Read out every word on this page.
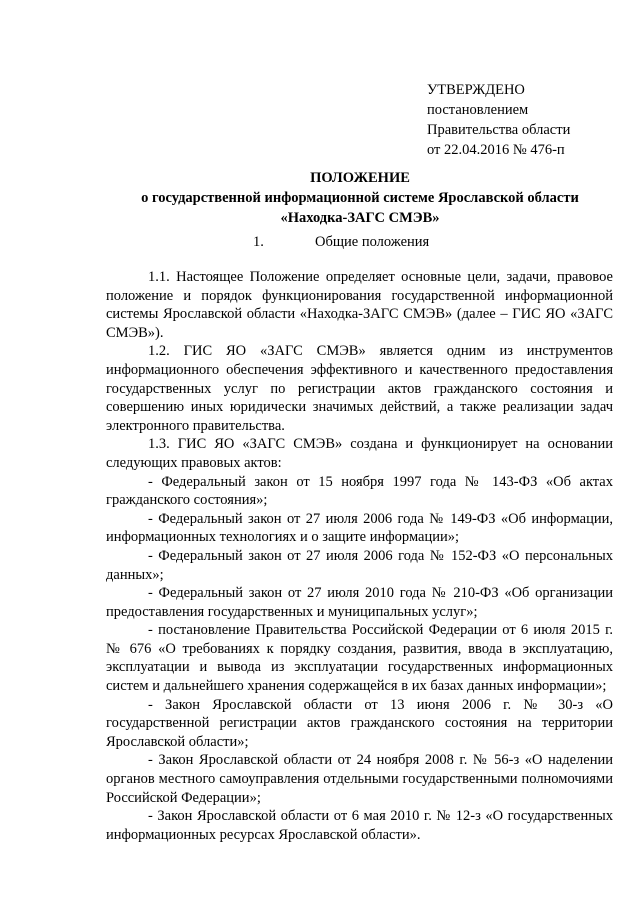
УТВЕРЖДЕНО
постановлением
Правительства области
от 22.04.2016 № 476-п
ПОЛОЖЕНИЕ
о государственной информационной системе Ярославской области
«Находка-ЗАГС СМЭВ»
1.	Общие положения

1.1. Настоящее Положение определяет основные цели, задачи, правовое положение и порядок функционирования государственной информационной системы Ярославской области «Находка-ЗАГС СМЭВ» (далее – ГИС ЯО «ЗАГС СМЭВ»).

1.2. ГИС ЯО «ЗАГС СМЭВ» является одним из инструментов информационного обеспечения эффективного и качественного предоставления государственных услуг по регистрации актов гражданского состояния и совершению иных юридически значимых действий, а также реализации задач электронного правительства.

1.3. ГИС ЯО «ЗАГС СМЭВ» создана и функционирует на основании следующих правовых актов:

- Федеральный закон от 15 ноября 1997 года № 143-ФЗ «Об актах гражданского состояния»;

- Федеральный закон от 27 июля 2006 года № 149-ФЗ «Об информации, информационных технологиях и о защите информации»;

- Федеральный закон от 27 июля 2006 года № 152-ФЗ «О персональных данных»;

- Федеральный закон от 27 июля 2010 года № 210-ФЗ «Об организации предоставления государственных и муниципальных услуг»;

- постановление Правительства Российской Федерации от 6 июля 2015 г. № 676 «О требованиях к порядку создания, развития, ввода в эксплуатацию, эксплуатации и вывода из эксплуатации государственных информационных систем и дальнейшего хранения содержащейся в их базах данных информации»;

- Закон Ярославской области от 13 июня 2006 г. № 30-з «О государственной регистрации актов гражданского состояния на территории Ярославской области»;

- Закон Ярославской области от 24 ноября 2008 г. № 56-з «О наделении органов местного самоуправления отдельными государственными полномочиями Российской Федерации»;

- Закон Ярославской области от 6 мая 2010 г. № 12-з «О государственных информационных ресурсах Ярославской области».
